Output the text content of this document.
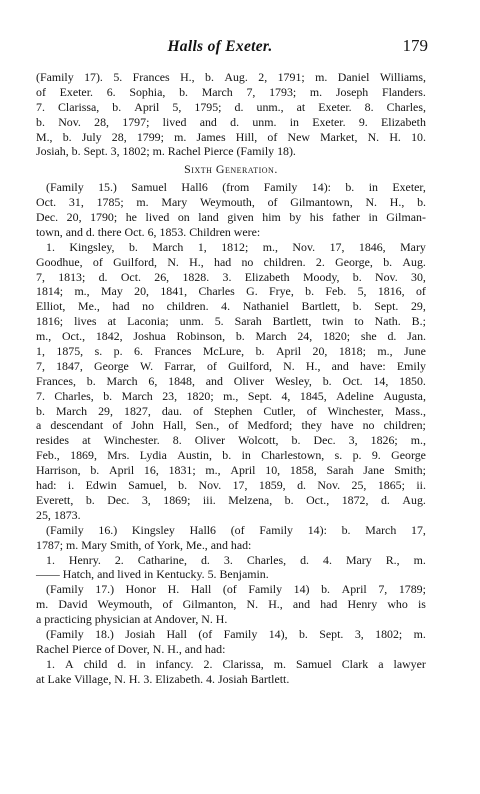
Halls of Exeter.	179
(Family 17). 5. Frances H., b. Aug. 2, 1791; m. Daniel Williams,
of Exeter. 6. Sophia, b. March 7, 1793; m. Joseph Flanders.
7. Clarissa, b. April 5, 1795; d. unm., at Exeter. 8. Charles,
b. Nov. 28, 1797; lived and d. unm. in Exeter. 9. Elizabeth
M., b. July 28, 1799; m. James Hill, of New Market, N. H. 10.
Josiah, b. Sept. 3, 1802; m. Rachel Pierce (Family 18).
Sixth Generation.
(Family 15.) Samuel Hall6 (from Family 14): b. in Exeter,
Oct. 31, 1785; m. Mary Weymouth, of Gilmantown, N. H., b.
Dec. 20, 1790; he lived on land given him by his father in Gilman-
town, and d. there Oct. 6, 1853. Children were:
1. Kingsley, b. March 1, 1812; m., Nov. 17, 1846, Mary
Goodhue, of Guilford, N. H., had no children. 2. George, b. Aug.
7, 1813; d. Oct. 26, 1828. 3. Elizabeth Moody, b. Nov. 30,
1814; m., May 20, 1841, Charles G. Frye, b. Feb. 5, 1816, of
Elliot, Me., had no children. 4. Nathaniel Bartlett, b. Sept. 29,
1816; lives at Laconia; unm. 5. Sarah Bartlett, twin to Nath. B.;
m., Oct., 1842, Joshua Robinson, b. March 24, 1820; she d. Jan.
1, 1875, s. p. 6. Frances McLure, b. April 20, 1818; m., June
7, 1847, George W. Farrar, of Guilford, N. H., and have: Emily
Frances, b. March 6, 1848, and Oliver Wesley, b. Oct. 14, 1850.
7. Charles, b. March 23, 1820; m., Sept. 4, 1845, Adeline Augusta,
b. March 29, 1827, dau. of Stephen Cutler, of Winchester, Mass.,
a descendant of John Hall, Sen., of Medford; they have no children;
resides at Winchester. 8. Oliver Wolcott, b. Dec. 3, 1826; m.,
Feb., 1869, Mrs. Lydia Austin, b. in Charlestown, s. p. 9. George
Harrison, b. April 16, 1831; m., April 10, 1858, Sarah Jane Smith;
had: i. Edwin Samuel, b. Nov. 17, 1859, d. Nov. 25, 1865; ii.
Everett, b. Dec. 3, 1869; iii. Melzena, b. Oct., 1872, d. Aug.
25, 1873.
(Family 16.) Kingsley Hall6 (of Family 14): b. March 17,
1787; m. Mary Smith, of York, Me., and had:
1. Henry. 2. Catharine, d. 3. Charles, d. 4. Mary R., m.
—— Hatch, and lived in Kentucky. 5. Benjamin.
(Family 17.) Honor H. Hall (of Family 14) b. April 7, 1789;
m. David Weymouth, of Gilmanton, N. H., and had Henry who is
a practicing physician at Andover, N. H.
(Family 18.) Josiah Hall (of Family 14), b. Sept. 3, 1802; m.
Rachel Pierce of Dover, N. H., and had:
1. A child d. in infancy. 2. Clarissa, m. Samuel Clark a lawyer
at Lake Village, N. H. 3. Elizabeth. 4. Josiah Bartlett.
